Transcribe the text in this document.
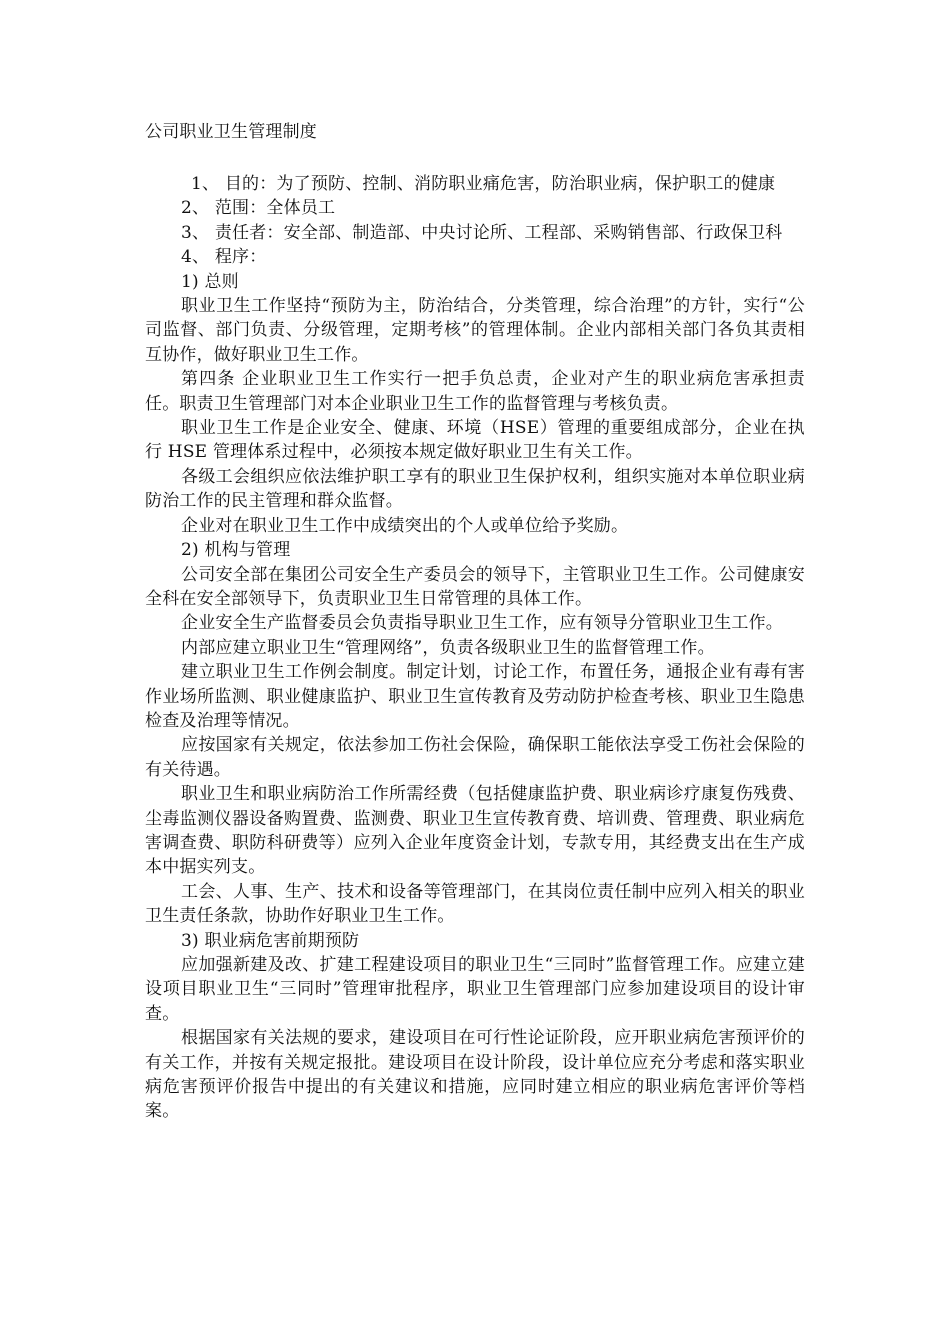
公司职业卫生管理制度

1、 目的：为了预防、控制、消防职业痛危害，防治职业病，保护职工的健康

2、 范围：全体员工

3、 责任者：安全部、制造部、中央讨论所、工程部、采购销售部、行政保卫科

4、 程序：

1) 总则

职业卫生工作坚持“预防为主，防治结合，分类管理，综合治理”的方针，实行“公司监督、部门负责、分级管理，定期考核”的管理体制。企业内部相关部门各负其责相互协作，做好职业卫生工作。

第四条 企业职业卫生工作实行一把手负总责，企业对产生的职业病危害承担责任。职责卫生管理部门对本企业职业卫生工作的监督管理与考核负责。

职业卫生工作是企业安全、健康、环境（HSE）管理的重要组成部分，企业在执行 HSE 管理体系过程中，必须按本规定做好职业卫生有关工作。

各级工会组织应依法维护职工享有的职业卫生保护权利，组织实施对本单位职业病防治工作的民主管理和群众监督。

企业对在职业卫生工作中成绩突出的个人或单位给予奖励。

2) 机构与管理

公司安全部在集团公司安全生产委员会的领导下，主管职业卫生工作。公司健康安全科在安全部领导下，负责职业卫生日常管理的具体工作。

企业安全生产监督委员会负责指导职业卫生工作，应有领导分管职业卫生工作。

内部应建立职业卫生“管理网络”，负责各级职业卫生的监督管理工作。

建立职业卫生工作例会制度。制定计划，讨论工作，布置任务，通报企业有毒有害作业场所监测、职业健康监护、职业卫生宣传教育及劳动防护检查考核、职业卫生隐患检查及治理等情况。

应按国家有关规定，依法参加工伤社会保险，确保职工能依法享受工伤社会保险的有关待遇。

职业卫生和职业病防治工作所需经费（包括健康监护费、职业病诊疗康复伤残费、尘毒监测仪器设备购置费、监测费、职业卫生宣传教育费、培训费、管理费、职业病危害调查费、职防科研费等）应列入企业年度资金计划，专款专用，其经费支出在生产成本中据实列支。

工会、人事、生产、技术和设备等管理部门，在其岗位责任制中应列入相关的职业卫生责任条款，协助作好职业卫生工作。

3) 职业病危害前期预防

应加强新建及改、扩建工程建设项目的职业卫生“三同时”监督管理工作。应建立建设项目职业卫生“三同时”管理审批程序，职业卫生管理部门应参加建设项目的设计审查。

根据国家有关法规的要求，建设项目在可行性论证阶段，应开职业病危害预评价的有关工作，并按有关规定报批。建设项目在设计阶段，设计单位应充分考虑和落实职业病危害预评价报告中提出的有关建议和措施，应同时建立相应的职业病危害评价等档案。
